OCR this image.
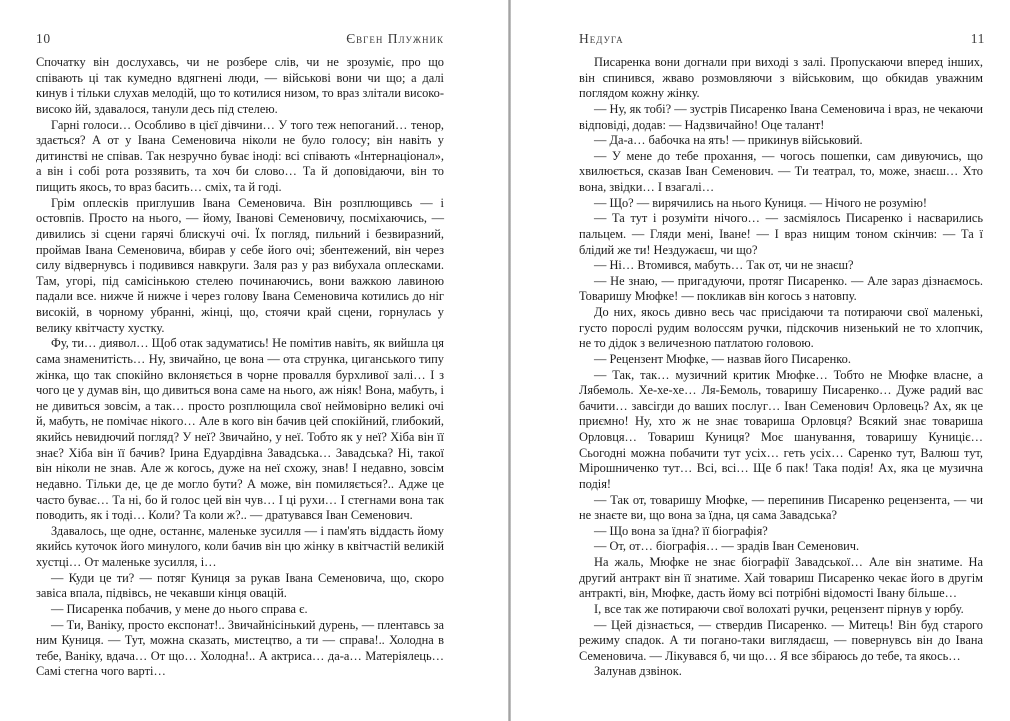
10	Євген Плужник

Спочатку він дослухавсь, чи не розбере слів, чи не зрозуміє, про що співають ці так кумедно вдягнені люди, — військові вони чи що; а далі кинув і тільки слухав мелодій, що то котилися низом, то враз злітали високо-високо йй, здавалося, танули десь під стелею.

Гарні голоси… Особливо в цієї дівчини… У того теж непоганий… тенор, здається? А от у Івана Семеновича ніколи не було голосу; він навіть у дитинстві не співав. Так незручно буває іноді: всі співають «Інтернаціонал», а він і собі рота роззявить, та хоч би слово… Та й доповідаючи, він то пищить якось, то враз басить… сміх, та й годі.

Грім оплесків приглушив Івана Семеновича. Він розплющивсь — і остовпів. Просто на нього, — йому, Іванові Семеновичу, посміхаючись, — дивились зі сцени гарячі блискучі очі. Їх погляд, пильний і безвиразний, проймав Івана Семеновича, вбирав у себе його очі; збентежений, він через силу відвернувсь і подивився навкруги. Заля раз у раз вибухала оплесками. Там, угорі, під самісінькою стелею починаючись, вони важкою лавиною падали все. нижче й нижче і через голову Івана Семеновича котились до ніг високій, в чорному убранні, жінці, що, стоячи край сцени, горнулась у велику квітчасту хустку.

Фу, ти… диявол… Щоб отак задуматись! Не помітив навіть, як вийшла ця сама знаменитість… Ну, звичайно, це вона — ота струнка, циганського типу жінка, що так спокійно вклоняється в чорне провалля бурхливої залі… І з чого це у думав він, що дивиться вона саме на нього, аж ніяк! Вона, мабуть, і не дивиться зовсім, а так… просто розплющила свої неймовірно великі очі й, мабуть, не помічає нікого… Але в кого він бачив цей спокійний, глибокий, якийсь невидючий погляд? У неї? Звичайно, у неї. Тобто як у неї? Хіба він її знає? Хіба він її бачив? Ірина Едуардівна Завадська… Завадська? Ні, такої він ніколи не знав. Але ж когось, дуже на неї схожу, знав! І недавно, зовсім недавно. Тільки де, це де могло бути? А може, він помиляється?.. Адже це часто буває… Та ні, бо й голос цей він чув… І ці рухи… І стегнами вона так поводить, як і тоді… Коли? Та коли ж?.. — дратувався Іван Семенович.

Здавалось, ще одне, останнє, маленьке зусилля — і пам'ять віддасть йому якийсь куточок його минулого, коли бачив він цю жінку в квітчастій великій хустці… От маленьке зусилля, і…

— Куди це ти? — потяг Куниця за рукав Івана Семеновича, що, скоро завіса впала, підвівсь, не чекавши кінця овацій.

— Писаренка побачив, у мене до нього справа є.

— Ти, Ваніку, просто експонат!.. Звичайнісінький дурень, — плентавсь за ним Куниця. — Тут, можна сказать, мистецтво, а ти — справа!.. Холодна в тебе, Ваніку, вдача… От що… Холодна!.. А актриса… да-а… Матеріялець… Самі стегна чого варті…

Недуга	11

Писаренка вони догнали при виході з залі. Пропускаючи вперед інших, він спинився, жваво розмовляючи з військовим, що обкидав уважним поглядом кожну жінку.

— Ну, як тобі? — зустрів Писаренко Івана Семеновича і враз, не чекаючи відповіді, додав: — Надзвичайно! Оце талант!

— Да-а… бабочка на ять! — прикинув військовий.

— У мене до тебе прохання, — чогось пошепки, сам дивуючись, що хвилюється, сказав Іван Семенович. — Ти театрал, то, може, знаєш… Хто вона, звідки… І взагалі…

— Що? — вирячились на нього Куниця. — Нічого не розумію!

— Та тут і розуміти нічого… — засміялось Писаренко і насварились пальцем. — Гляди мені, Іване! — І враз нищим тоном скінчив: — Та ї блідий же ти! Нездужаєш, чи що?

— Ні… Втомився, мабуть… Так от, чи не знаєш?

— Не знаю, — пригадуючи, протяг Писаренко. — Але зараз дізнаємось. Товаришу Мюфке! — покликав він когось з натовпу.

До них, якось дивно весь час присідаючи та потираючи свої маленькі, густо порослі рудим волоссям ручки, підскочив низенький не то хлопчик, не то дідок з величезною патлатою головою.

— Рецензент Мюфке, — назвав його Писаренко.

— Так, так… музичний критик Мюфке… Тобто не Мюфке власне, а Лябемоль. Хе-хе-хе… Ля-Бемоль, товаришу Писаренко… Дуже радий вас бачити… завсігди до ваших послуг… Іван Семенович Орловець? Ах, як це приємно! Ну, хто ж не знає товариша Орловця? Всякий знає товариша Орловця… Товариш Куниця? Моє шанування, товаришу Куниціє… Сьогодні можна побачити тут усіх… геть усіх… Саренко тут, Валюш тут, Мірошниченко тут… Всі, всі… Ще б пак! Така подія! Ах, яка це музична подія!

— Так от, товаришу Мюфке, — перепинив Писаренко рецензента, — чи не знаєте ви, що вона за їдна, ця сама Завадська?

— Що вона за їдна? її біографія?

— От, от… біографія… — зрадів Іван Семенович.

На жаль, Мюфке не знає біографії Завадської… Але він знатиме. На другий антракт він її знатиме. Хай товариш Писаренко чекає його в другім антракті, він, Мюфке, дасть йому всі потрібні відомості Івану більше…

І, все так же потираючи свої волохаті ручки, рецензент пірнув у юрбу.

— Цей дізнається, — ствердив Писаренко. — Митець! Він буд старого режиму спадок. А ти погано-таки виглядаєш, — повернувсь він до Івана Семеновича. — Лікувався б, чи що… Я все збіраюсь до тебе, та якось…

Залунав дзвінок.
